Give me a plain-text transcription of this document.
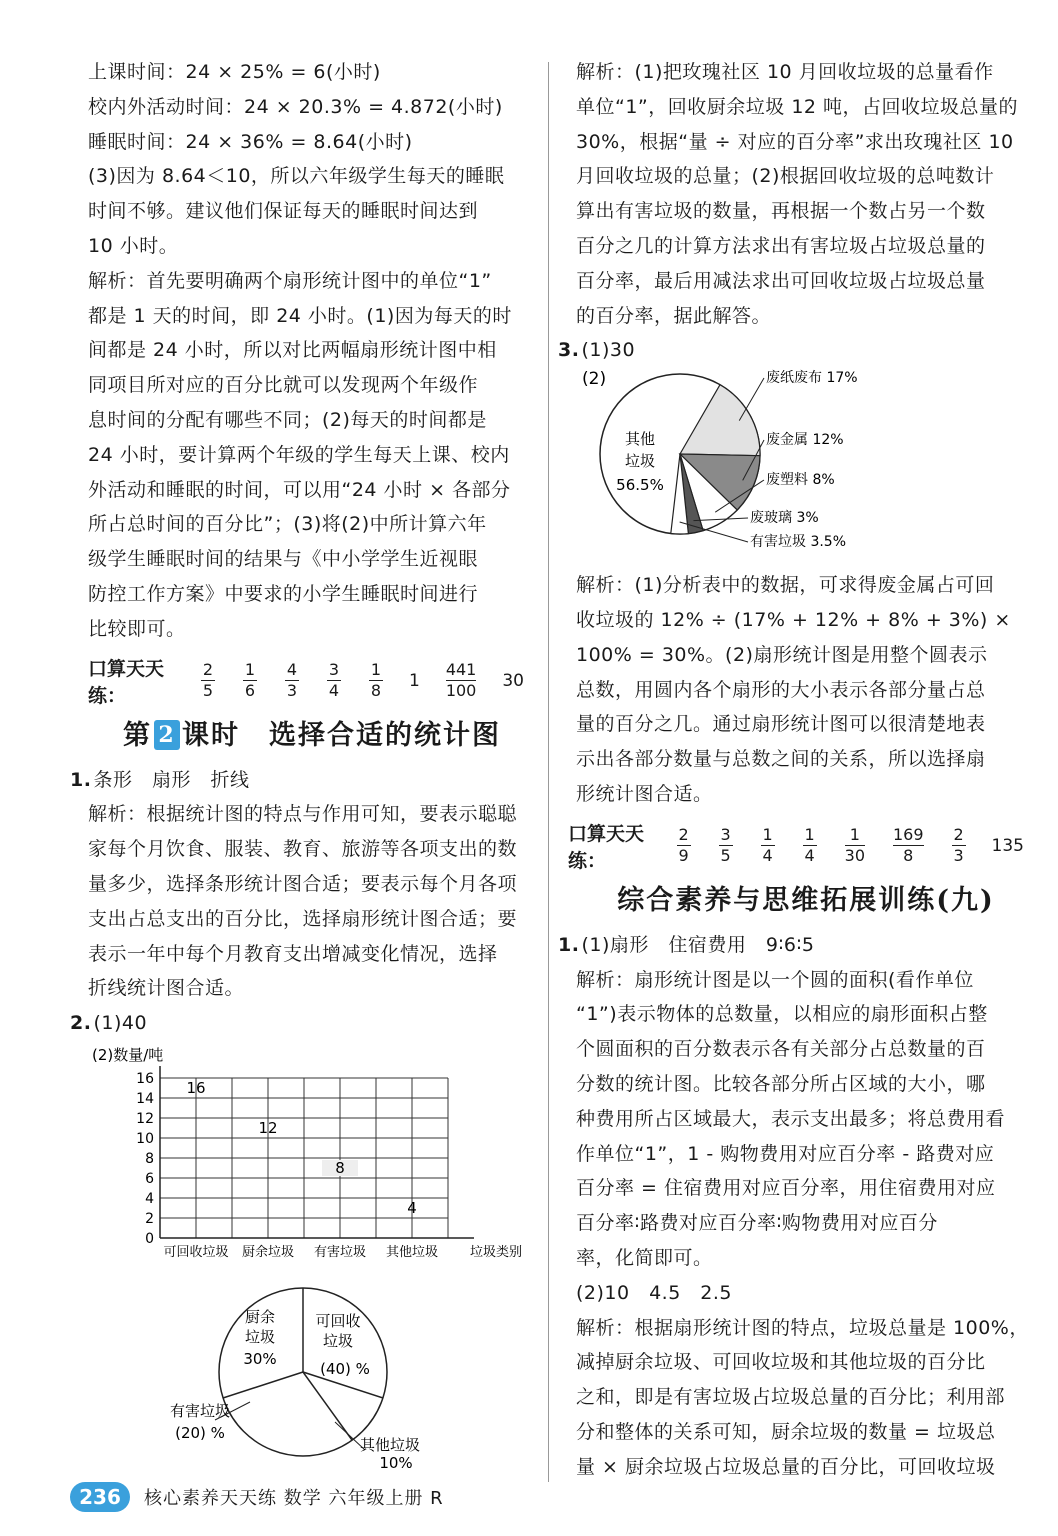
上课时间：24 × 25% = 6(小时)
校内外活动时间：24 × 20.3% = 4.872(小时)
睡眠时间：24 × 36% = 8.64(小时)
(3)因为 8.64＜10，所以六年级学生每天的睡眠
时间不够。建议他们保证每天的睡眠时间达到
10 小时。
解析：首先要明确两个扇形统计图中的单位“1”
都是 1 天的时间，即 24 小时。(1)因为每天的时
间都是 24 小时，所以对比两幅扇形统计图中相
同项目所对应的百分比就可以发现两个年级作
息时间的分配有哪些不同；(2)每天的时间都是
24 小时，要计算两个年级的学生每天上课、校内
外活动和睡眠的时间，可以用“24 小时 × 各部分
所占总时间的百分比”；(3)将(2)中所计算六年
级学生睡眠时间的结果与《中小学学生近视眼
防控工作方案》中要求的小学生睡眠时间进行
比较即可。
口算天天练：	$\frac{2}{5} \frac{1}{6} \frac{4}{3} \frac{3}{4} \frac{1}{8} 1 \frac{441}{100} 30$
第 2 课时　选择合适的统计图
1. 条形　扇形　折线
解析：根据统计图的特点与作用可知，要表示聪聪
家每个月饮食、服装、教育、旅游等各项支出的数
量多少，选择条形统计图合适；要表示每个月各项
支出占总支出的百分比，选择扇形统计图合适；要
表示一年中每个月教育支出增减变化情况，选择
折线统计图合适。
2. (1)40
(2)数量/吨
16
14
12
10
8
6
4
2
0
16
12
8
4
可回收垃圾 厨余垃圾 有害垃圾 其他垃圾 垃圾类别
厨余
垃圾
30%
可回收
垃圾
(40) %
其他垃圾
10%
有害垃圾
(20) %
解析：(1)把玫瑰社区 10 月回收垃圾的总量看作
单位“1”，回收厨余垃圾 12 吨，占回收垃圾总量的
30%，根据“量 ÷ 对应的百分率”求出玫瑰社区 10
月回收垃圾的总量；(2)根据回收垃圾的总吨数计
算出有害垃圾的数量，再根据一个数占另一个数
百分之几的计算方法求出有害垃圾占垃圾总量的
百分率，最后用减法求出可回收垃圾占垃圾总量
的百分率，据此解答。
3. (1)30
解析：(1)分析表中的数据，可求得废金属占可回
收垃圾的 12% ÷ (17% + 12% + 8% + 3%) ×
100% = 30%。(2)扇形统计图是用整个圆表示
总数，用圆内各个扇形的大小表示各部分量占总
量的百分之几。通过扇形统计图可以很清楚地表
示出各部分数量与总数之间的关系，所以选择扇
形统计图合适。
口算天天练：	$\frac{2}{9} \frac{3}{5} \frac{1}{4} \frac{1}{4} \frac{1}{30} \frac{169}{8} \frac{2}{3} 135$
综合素养与思维拓展训练(九)
1. (1)扇形　住宿费用　9∶6∶5
解析：扇形统计图是以一个圆的面积(看作单位
“1”)表示物体的总数量，以相应的扇形面积占整
个圆面积的百分数表示各有关部分占总数量的百
分数的统计图。比较各部分所占区域的大小，哪
种费用所占区域最大，表示支出最多；将总费用看
作单位“1”，1 - 购物费用对应百分率 - 路费对应
百分率 = 住宿费用对应百分率，用住宿费用对应
百分率∶路费对应百分率∶购物费用对应百分
率，化简即可。
(2)10　4.5　2.5
解析：根据扇形统计图的特点，垃圾总量是 100%，
减掉厨余垃圾、可回收垃圾和其他垃圾的百分比
之和，即是有害垃圾占垃圾总量的百分比；利用部
分和整体的关系可知，厨余垃圾的数量 = 垃圾总
量 × 厨余垃圾占垃圾总量的百分比，可回收垃圾
(2)
其他
垃圾
56.5%
废纸废布 17%
废金属 12%
废塑料 8%
废玻璃 3%
有害垃圾 3.5%
236	核心素养天天练 数学 六年级上册 R
